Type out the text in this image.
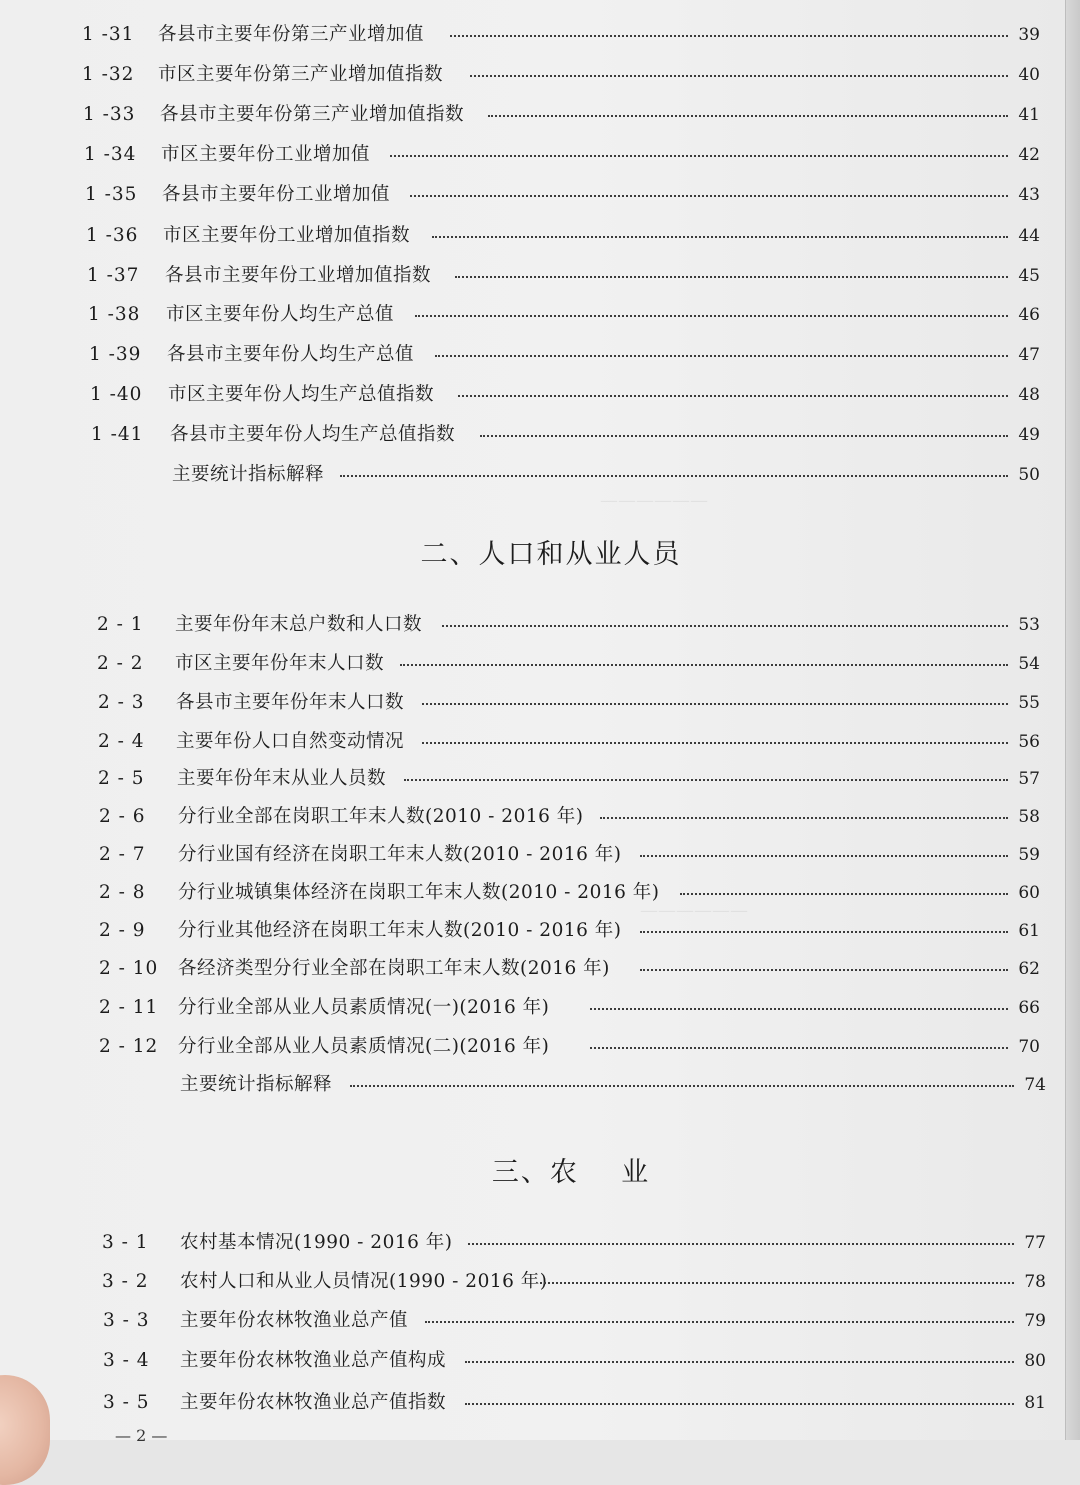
——————
——————
1 -31 各县市主要年份第三产业增加值	39
1 -32 市区主要年份第三产业增加值指数	40
1 -33 各县市主要年份第三产业增加值指数	41
1 -34 市区主要年份工业增加值	42
1 -35 各县市主要年份工业增加值	43
1 -36 市区主要年份工业增加值指数	44
1 -37 各县市主要年份工业增加值指数	45
1 -38 市区主要年份人均生产总值	46
1 -39 各县市主要年份人均生产总值	47
1 -40 市区主要年份人均生产总值指数	48
1 -41 各县市主要年份人均生产总值指数	49
主要统计指标解释	50
二、人口和从业人员
2 - 1 主要年份年末总户数和人口数	53
2 - 2 市区主要年份年末人口数	54
2 - 3 各县市主要年份年末人口数	55
2 - 4 主要年份人口自然变动情况	56
2 - 5 主要年份年末从业人员数	57
2 - 6 分行业全部在岗职工年末人数(2010 - 2016 年)	58
2 - 7 分行业国有经济在岗职工年末人数(2010 - 2016 年)	59
2 - 8 分行业城镇集体经济在岗职工年末人数(2010 - 2016 年)	60
2 - 9 分行业其他经济在岗职工年末人数(2010 - 2016 年)	61
2 - 10 各经济类型分行业全部在岗职工年末人数(2016 年)	62
2 - 11 分行业全部从业人员素质情况(一)(2016 年)	66
2 - 12 分行业全部从业人员素质情况(二)(2016 年)	70
主要统计指标解释	74
三、农    业
3 - 1 农村基本情况(1990 - 2016 年)	77
3 - 2 农村人口和从业人员情况(1990 - 2016 年)	78
3 - 3 主要年份农林牧渔业总产值	79
3 - 4 主要年份农林牧渔业总产值构成	80
3 - 5 主要年份农林牧渔业总产值指数	81
— 2 —
